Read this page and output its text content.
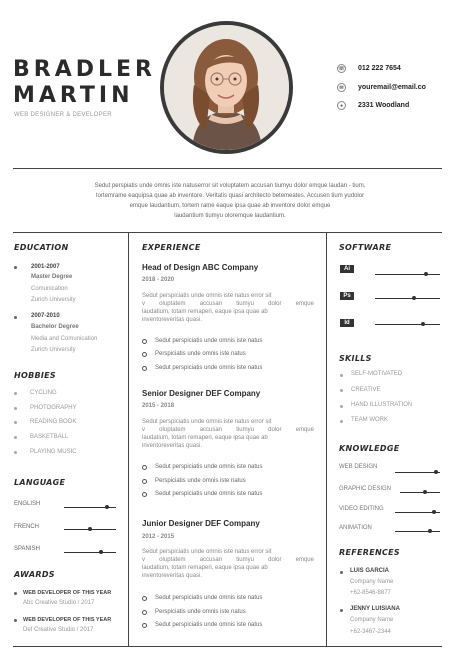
BRADLER
MARTIN
WEB DESIGNER & DEVELOPER
☏ 012 222 7654
✉	youremail@email.co
●	2331 Woodland
Sedut perspiatis unde omnis iste natuserror sit voluptatem accusan tiumyu dolor emque laudan - tium,
tortemrame eaquipsa quae ab inventore. Veritatis quasi architecto betemeates. Accusen tium yudolor
emque laudantium, tortem rame eaque ipsa quae ab inventore dolor emque
laudantium tiumyu oloremque laudantium.
EDUCATION
2001-2007
Master Degree
Comunication
Zurich University
2007-2010
Bachelor Degree
Media and Comunication
Zurich University
HOBBIES
CYCLING
PHOTOGRAPHY
READING BOOK
BASKETBALL
PLAYING MUSIC
LANGUAGE
ENGLISH
FRENCH
SPANISH
AWARDS
WEB DEVELOPER OF THIS YEAR
Abc Creative Studio / 2017
WEB DEVELOPER OF THIS YEAR
Def Creative Studio / 2017
EXPERIENCE
Head of Design ABC Company
2018 - 2020
Sedut perspiciatis unde omnis iste natus error sit
v oluptatem accusan tiumyu dolor emque
laudatium, totam remaperi, eaque ipsa quae ab
inventoreveritas quasi.
Sedut perspiciatis unde omnis iste natus
Perspiciatis unde omnis iste natus
Sedut perspiciatis unde omnis iste natus
Senior Designer DEF Company
2015 - 2018
Sedut perspiciatis unde omnis iste natus error sit
v oluptatem accusan tiumyu dolor emque
laudatium, totam remaperi, eaque ipsa quae ab
inventoreveritas quasi.
Sedut perspiciatis unde omnis iste natus
Perspiciatis unde omnis iste natus
Sedut perspiciatis unde omnis iste natus
Junior Designer DEF Company
2012 - 2015
Sedut perspiciatis unde omnis iste natus error sit
v oluptatem accusan tiumyu dolor emque
laudatium, totam remaperi, eaque ipsa quae ab
inventoreveritas quasi.
Sedut perspiciatis unde omnis iste natus
Perspiciatis unde omnis iste natus
Sedut perspiciatis unde omnis iste natus
SOFTWARE
Ai
Ps
Id
SKILLS
SELF-MOTIVATED
CREATIVE
HAND ILLUSTRATION
TEAM WORK
KNOWLEDGE
WEB DESIGN
GRAPHIC DESIGN
VIDEO EDITING
ANIMATION
REFERENCES
LUIS GARCIA
Company Name
+62-8546-8877
JENNY LUISIANA
Company Name
+62-3467-2344
